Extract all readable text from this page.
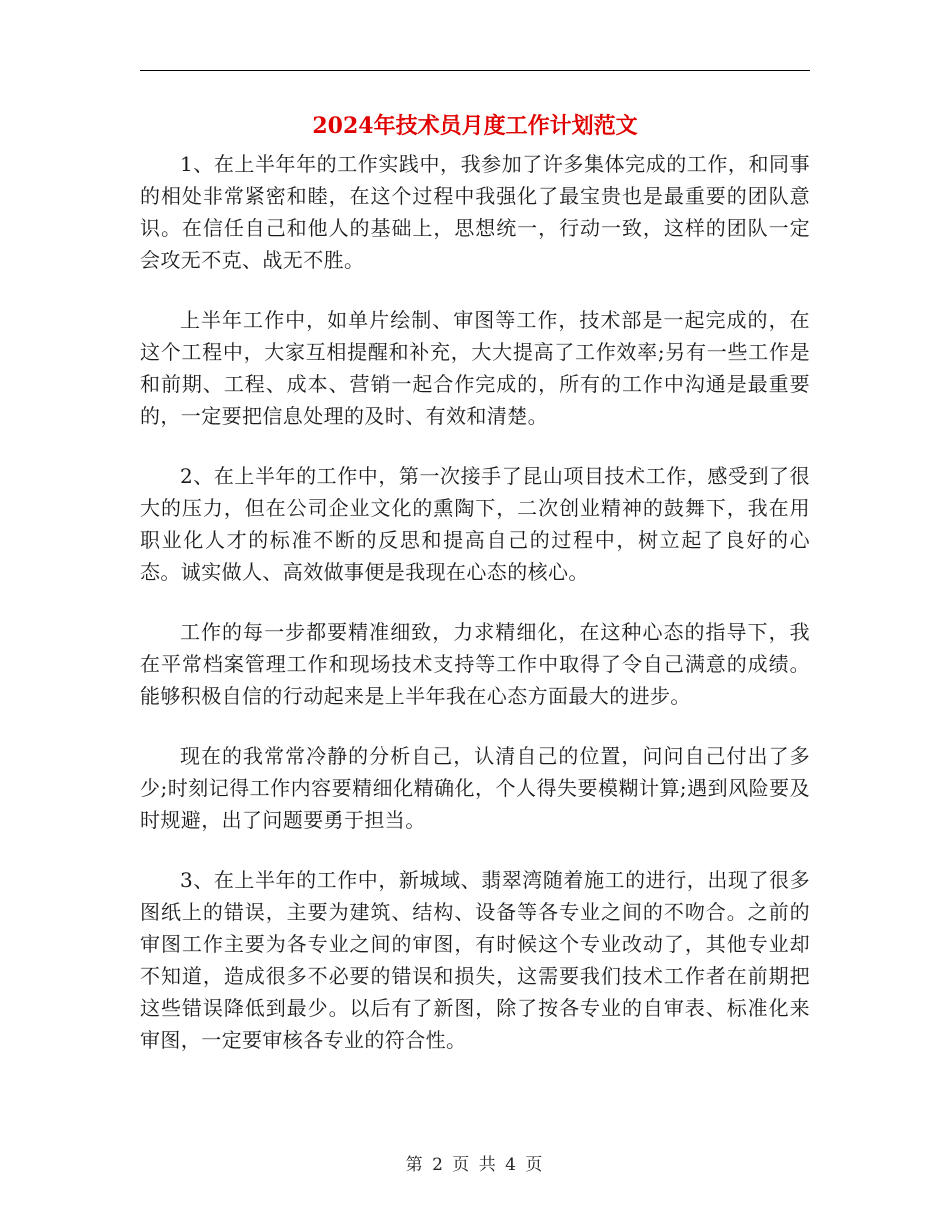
2024年技术员月度工作计划范文

1、在上半年年的工作实践中，我参加了许多集体完成的工作，和同事的相处非常紧密和睦，在这个过程中我强化了最宝贵也是最重要的团队意识。在信任自己和他人的基础上，思想统一，行动一致，这样的团队一定会攻无不克、战无不胜。

上半年工作中，如单片绘制、审图等工作，技术部是一起完成的，在这个工程中，大家互相提醒和补充，大大提高了工作效率;另有一些工作是和前期、工程、成本、营销一起合作完成的，所有的工作中沟通是最重要的，一定要把信息处理的及时、有效和清楚。

2、在上半年的工作中，第一次接手了昆山项目技术工作，感受到了很大的压力，但在公司企业文化的熏陶下，二次创业精神的鼓舞下，我在用职业化人才的标准不断的反思和提高自己的过程中，树立起了良好的心态。诚实做人、高效做事便是我现在心态的核心。

工作的每一步都要精准细致，力求精细化，在这种心态的指导下，我在平常档案管理工作和现场技术支持等工作中取得了令自己满意的成绩。能够积极自信的行动起来是上半年我在心态方面最大的进步。

现在的我常常冷静的分析自己，认清自己的位置，问问自己付出了多少;时刻记得工作内容要精细化精确化，个人得失要模糊计算;遇到风险要及时规避，出了问题要勇于担当。

3、在上半年的工作中，新城域、翡翠湾随着施工的进行，出现了很多图纸上的错误，主要为建筑、结构、设备等各专业之间的不吻合。之前的审图工作主要为各专业之间的审图，有时候这个专业改动了，其他专业却不知道，造成很多不必要的错误和损失，这需要我们技术工作者在前期把这些错误降低到最少。以后有了新图，除了按各专业的自审表、标准化来审图，一定要审核各专业的符合性。

第 2 页 共 4 页
